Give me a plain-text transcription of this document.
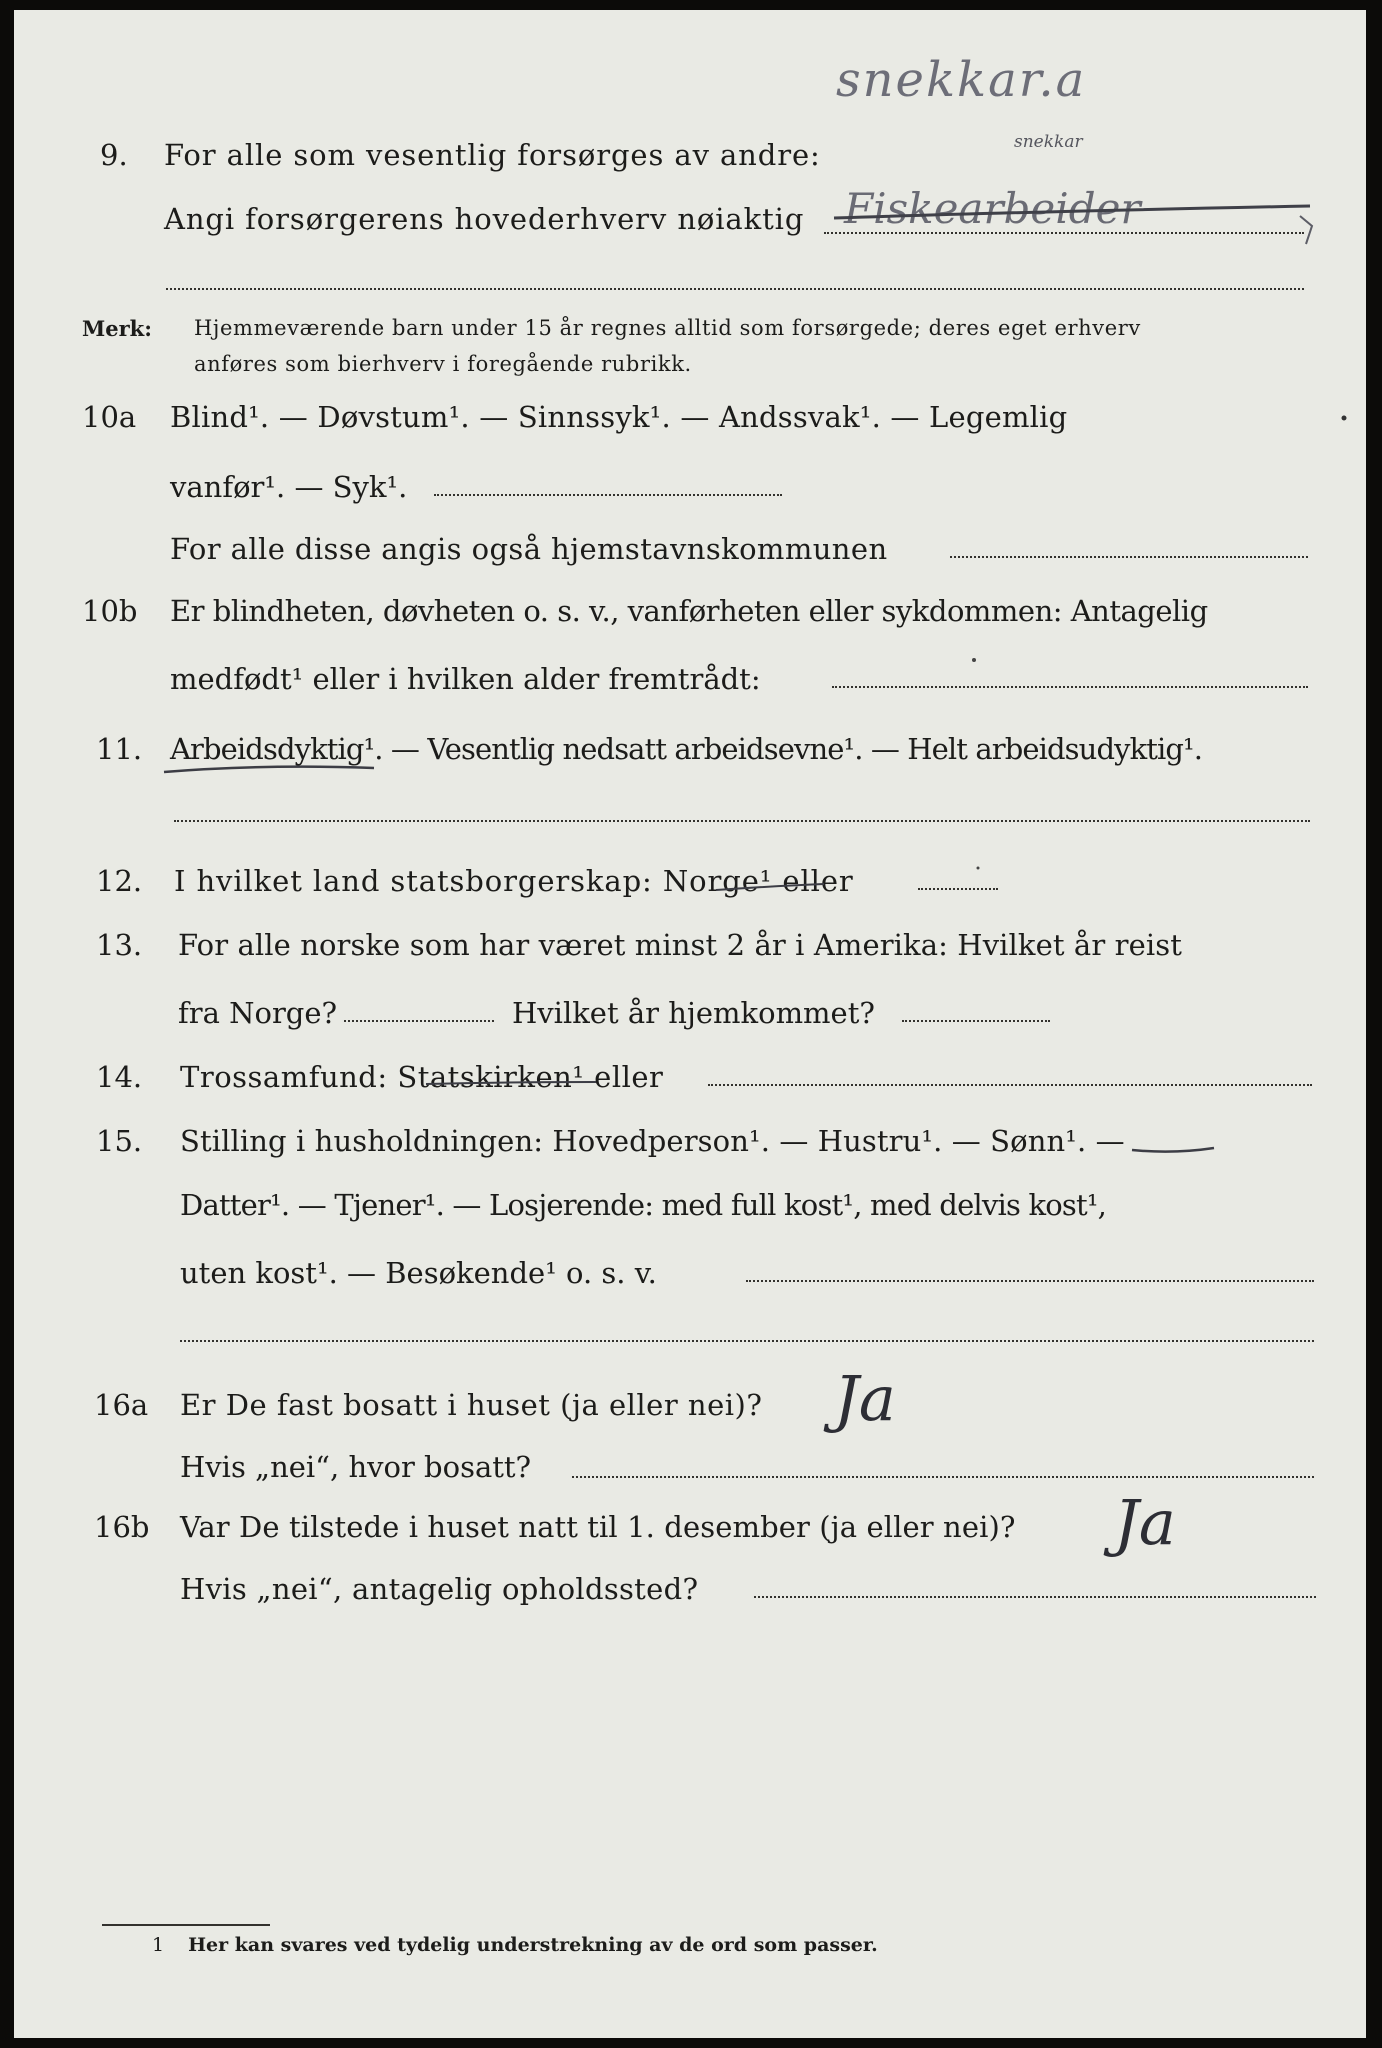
snekkar.a
snekkar
Fiskearbeider
9. For alle som vesentlig forsørges av andre:
Angi forsørgerens hovederhverv nøiaktig
Merk: Hjemmeværende barn under 15 år regnes alltid som forsørgede; deres eget erhverv
anføres som bierhverv i foregående rubrikk.
10a Blind¹. — Døvstum¹. — Sinnssyk¹. — Andssvak¹. — Legemlig
vanfør¹. — Syk¹.
For alle disse angis også hjemstavnskommunen
10b Er blindheten, døvheten o. s. v., vanførheten eller sykdommen: Antagelig
medfødt¹ eller i hvilken alder fremtrådt:
11. Arbeidsdyktig¹. — Vesentlig nedsatt arbeidsevne¹. — Helt arbeidsudyktig¹.
12. I hvilket land statsborgerskap: Norge¹ eller
13. For alle norske som har været minst 2 år i Amerika: Hvilket år reist
fra Norge?	Hvilket år hjemkommet?
14. Trossamfund: Statskirken¹ eller
15. Stilling i husholdningen: Hovedperson¹. — Hustru¹. — Sønn¹. —
Datter¹. — Tjener¹. — Losjerende: med full kost¹, med delvis kost¹,
uten kost¹. — Besøkende¹ o. s. v.
16a Er De fast bosatt i huset (ja eller nei)? Ja
Hvis „nei“, hvor bosatt?
16b Var De tilstede i huset natt til 1. desember (ja eller nei)? Ja
Hvis „nei“, antagelig opholdssted?
1 Her kan svares ved tydelig understrekning av de ord som passer.
